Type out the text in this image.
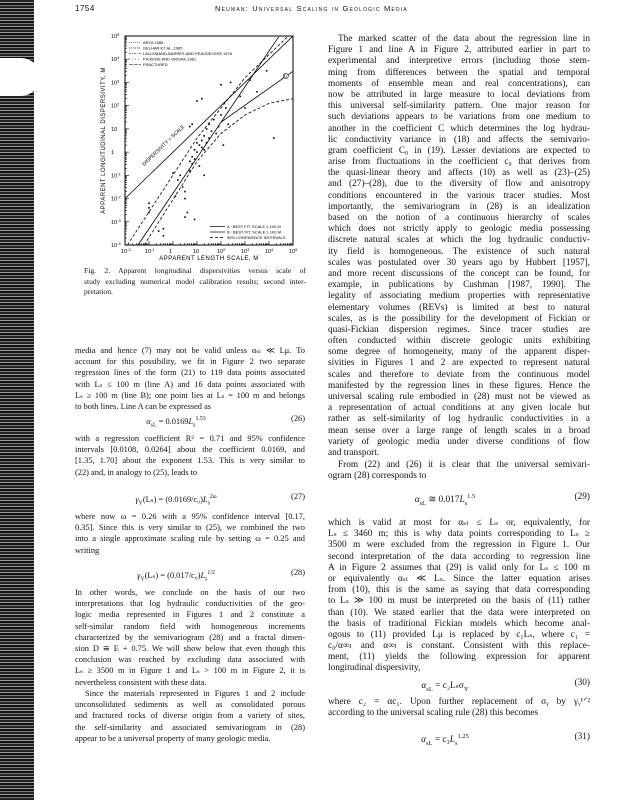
1754	Neuman: Universal Scaling in Geologic Media
$10^{-2}$	$10^{-1}$	1	10	$10^2$	$10^3$	$10^4$	$10^5$
$10^5$
$10^4$
$10^3$
$10^2$
10
1
$10^{-1}$
$10^{-2}$
$10^{-3}$
$10^{-4}$
APPARENT LENGTH SCALE, M
APPARENT LONGITUDINAL DISPERSIVITY, M	b
DISPERSIVITY = SCALE
ARYA 1986
GELHAR ET AL.,1985
LALLEMAND-BARRES AND PEAUDECERF,1978
PICKENS AND GRISAK,1981
FRACTURED
A : BEST FIT, SCALE ≤ 100 M
B : BEST FIT, SCALE ≥ 100 M
95% CONFIDENCE INTERVALS
Fig. 2. Apparent longitudinal dispersivities versus scale of
study excluding numerical model calibration results; second inter-
pretation.
media and hence (7) may not be valid unless αₛₗ ≪ Lμ. To
account for this possibility, we fit in Figure 2 two separate
regression lines of the form (21) to 119 data points associated
with Lₛ ≤ 100 m (line A) and 16 data points associated with
Lₛ ≥ 100 m (line B); one point lies at Lₛ = 100 m and belongs
to both lines. Line A can be expressed as
$\alpha_{sL} = 0.0169L_s^{1.53}$	(26)
with a regression coefficient R² = 0.71 and 95% confidence
intervals [0.0108, 0.0264] about the coefficient 0.0169, and
[1.35, 1.70] about the exponent 1.53. This is very similar to
(22) and, in analogy to (25), leads to
$\gamma_Y(L_s) = (0.0169/c_0)L_s^{2\omega}$	(27)
where now ω = 0.26 with a 95% confidence interval [0.17,
0.35]. Since this is very similar to (25), we combined the two
into a single approximate scaling rule by setting ω = 0.25 and
writing
$\gamma_Y(L_s) = (0.017/c_0)L_s^{1/2}$	(28)
In other words, we conclude on the basis of our two
interpretations that log hydraulic conductivities of the geo-
logic media represented in Figures 1 and 2 constitute a
self-similar random field with homogeneous increments
characterized by the semivariogram (28) and a fractal dimen-
sion D ≅ E + 0.75. We will show below that even though this
conclusion was reached by excluding data associated with
Lₛ ≥ 3500 m in Figure 1 and Lₛ > 100 m in Figure 2, it is
nevertheless consistent with these data.
Since the materials represented in Figures 1 and 2 include
unconsolidated sediments as well as consolidated porous
and fractured rocks of diverse origin from a variety of sites,
the self-similarity and associated semivariogram in (28)
appear to be a universal property of many geologic media.
The marked scatter of the data about the regression line in
Figure 1 and line A in Figure 2, attributed earlier in part to
experimental and interpretive errors (including those stem-
ming from differences between the spatial and temporal
moments of ensemble mean and real concentrations), can
now be attributed in large measure to local deviations from
this universal self-similarity pattern. One major reason for
such deviations appears to be variations from one medium to
another in the coefficient C which determines the log hydrau-
lic conductivity variance in (18) and affects the semivario-
gram coefficient C₀ in (19). Lesser deviations are expected to
arise from fluctuations in the coefficient c₀ that derives from
the quasi-linear theory and affects (10) as well as (23)–(25)
and (27)–(28), due to the diversity of flow and anisotropy
conditions encountered in the various tracer studies. Most
importantly, the semivariogram in (28) is an idealization
based on the notion of a continuous hierarchy of scales
which does not strictly apply to geologic media possessing
discrete natural scales at which the log hydraulic conductiv-
ity field is homogeneous. The existence of such natural
scales was postulated over 30 years ago by Hubbert [1957],
and more recent discussions of the concept can be found, for
example, in publications by Cushman [1987, 1990]. The
legality of associating medium properties with representative
elementary volumes (REVs) is limited at best to natural
scales, as is the possibility for the development of Fickian or
quasi-Fickian dispersion regimes. Since tracer studies are
often conducted within discrete geologic units exhibiting
some degree of homogeneity, many of the apparent disper-
sivities in Figures 1 and 2 are expected to represent natural
scales and therefore to deviate from the continuous model
manifested by the regression lines in these figures. Hence the
universal scaling rule embodied in (28) must not be viewed as
a representation of actual conditions at any given locale but
rather as self-similarity of log hydraulic conductivities in a
mean sense over a large range of length scales in a broad
variety of geologic media under diverse conditions of flow
and transport.
From (22) and (26) it is clear that the universal semivari-
ogram (28) corresponds to
$\alpha_{sL}$ ≅ $0.017L_s^{1.5}$	(29)
which is valid at most for αₛₗ ≤ Lₛ or, equivalently, for
Lₛ ≤ 3460 m; this is why data points corresponding to Lₛ ≥
3500 m were excluded from the regression in Figure 1. Our
second interpretation of the data according to regression line
A in Figure 2 assumes that (29) is valid only for Lₛ ≤ 100 m
or equivalently αₛₗ ≪ Lₛ. Since the latter equation arises
from (10), this is the same as saying that data corresponding
to Lₛ ≫ 100 m must be interpreted on the basis of (11) rather
than (10). We stated earlier that the data were interpreted on
the basis of traditional Fickian models which become anal-
ogous to (11) provided Lμ is replaced by c₁Lₛ, where c₁ =
c₀/α∞ₗ and α∞ₗ is constant. Consistent with this replace-
ment, (11) yields the following expression for apparent
longitudinal dispersivity,
$\alpha_{sL} = c_2L_s\sigma_Y$
(30)
where c₂ = αc₁. Upon further replacement of σᵧ by γᵧ¹ᐟ²
according to the universal scaling rule (28) this becomes
$\alpha_{sL} = c_3L_s^{1.25}$	(31)
